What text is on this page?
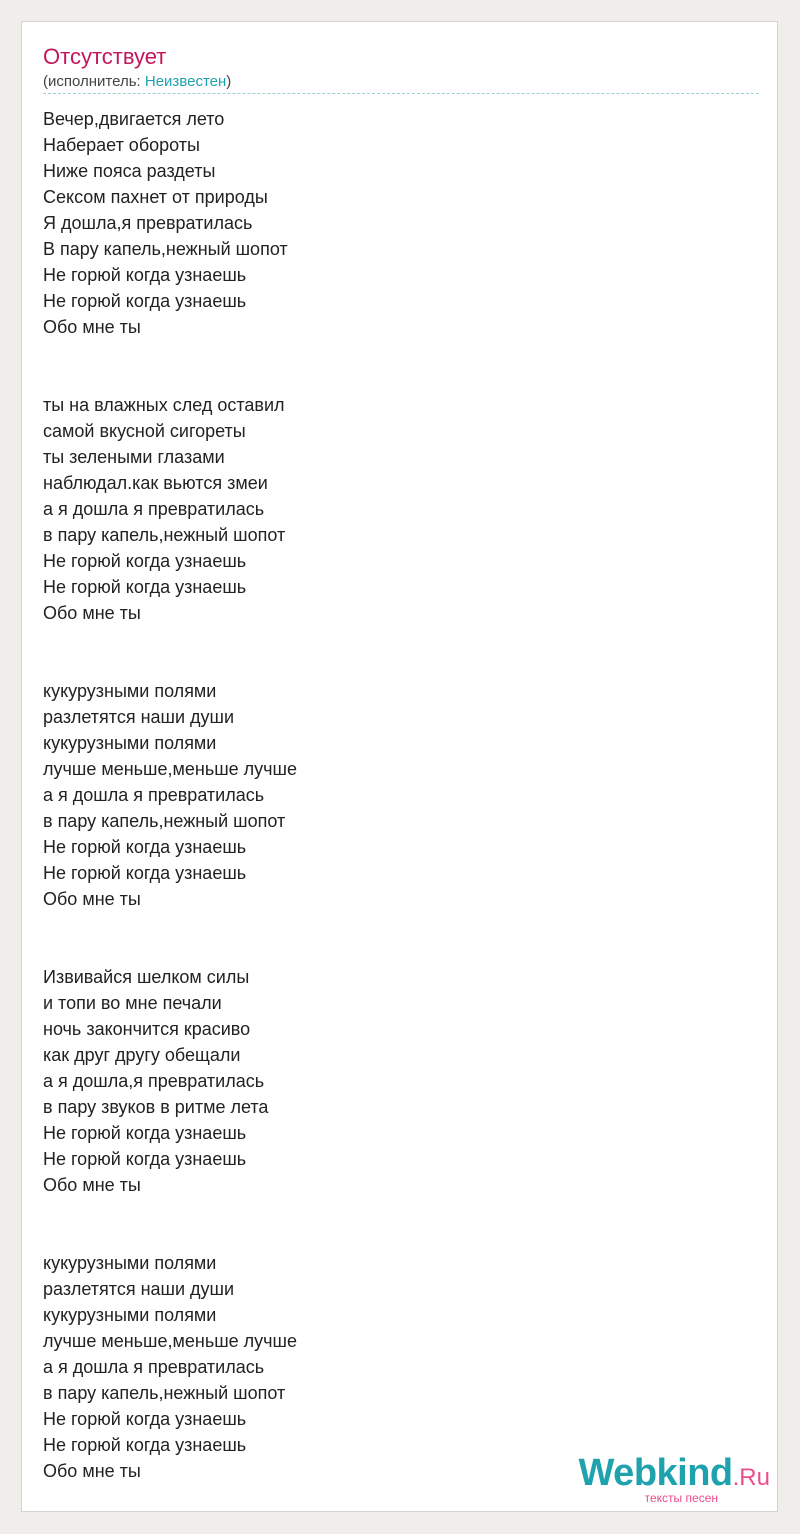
Отсутствует
(исполнитель: Неизвестен)
Вечер,двигается лето
Наберает обороты
Ниже пояса раздеты
Сексом пахнет от природы
Я дошла,я превратилась
В пару капель,нежный шопот
Не горюй когда узнаешь
Не горюй когда узнаешь
Обо мне ты
ты на влажных след оставил
самой вкусной сигореты
ты зелеными глазами
наблюдал.как вьются змеи
а я дошла я превратилась
в пару капель,нежный шопот
Не горюй когда узнаешь
Не горюй когда узнаешь
Обо мне ты
кукурузными полями
разлетятся наши души
кукурузными полями
лучше меньше,меньше лучше
а я дошла я превратилась
в пару капель,нежный шопот
Не горюй когда узнаешь
Не горюй когда узнаешь
Обо мне ты
Извивайся шелком силы
и топи во мне печали
ночь закончится красиво
как друг другу обещали
а я дошла,я превратилась
в пару звуков в ритме лета
Не горюй когда узнаешь
Не горюй когда узнаешь
Обо мне ты
кукурузными полями
разлетятся наши души
кукурузными полями
лучше меньше,меньше лучше
а я дошла я превратилась
в пару капель,нежный шопот
Не горюй когда узнаешь
Не горюй когда узнаешь
Обо мне ты	Webkind.Ru
тексты песен
